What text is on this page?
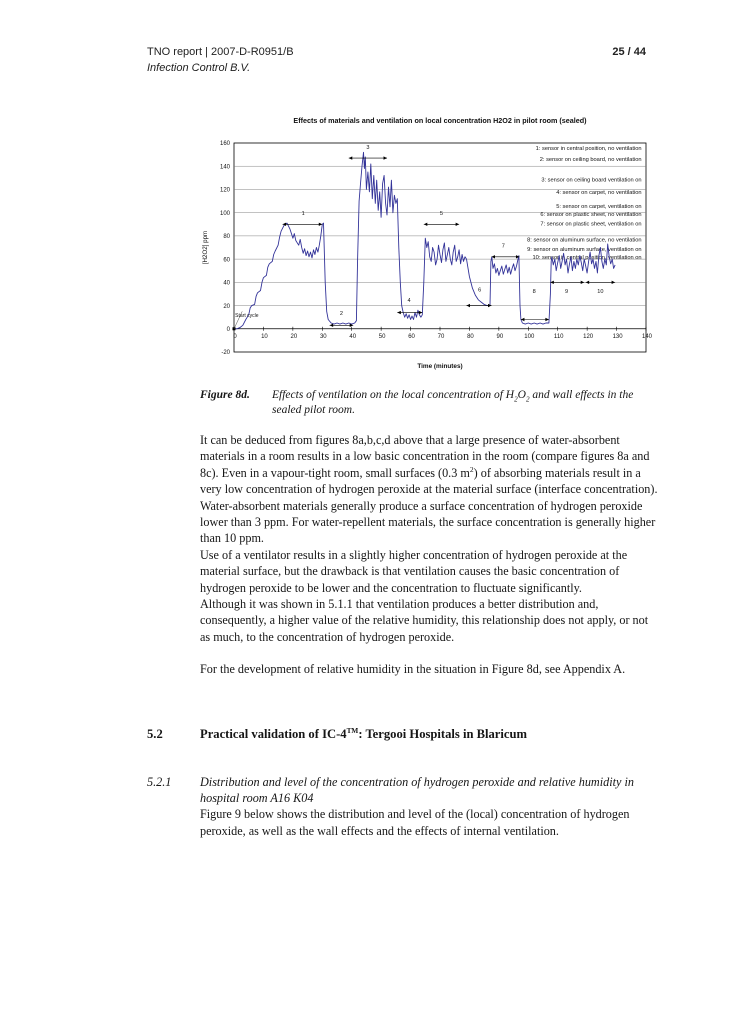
TNO report | 2007-D-R0951/B	25 / 44
Infection Control B.V.
Effects of materials and ventilation on local concentration H2O2 in pilot room (sealed)
-20
0
20
40
60
80
100
120
140
160
0	10	20	30	40	50	60	70	80	90	100	110	120	130	140
Time (minutes)
[H2O2] ppm
1: sensor in central position, no ventilation
2: sensor on ceiling board, no ventilation
3: sensor on ceiling board ventilation on
4: sensor on carpet, no ventilation
5: sensor on carpet, ventilation on
6: sensor on plastic sheet, no ventilation
7: sensor on plastic sheet, ventilation on
8: sensor on aluminum surface, no ventilation
9: sensor on aluminum surface, ventilation on
10: sensor in central position, ventilation on
Start cycle
1
2
3
4
5
6
7
8	9	10
Figure 8d.	Effects of ventilation on the local concentration of $H_2O_2$ and wall effects in the sealed pilot room.

It can be deduced from figures 8a,b,c,d above that a large presence of water-absorbent materials in a room results in a low basic concentration in the room (compare figures 8a and 8c). Even in a vapour-tight room, small surfaces (0.3 $m^2$) of absorbing materials result in a very low concentration of hydrogen peroxide at the material surface (interface concentration). Water-absorbent materials generally produce a surface concentration of hydrogen peroxide lower than 3 ppm. For water-repellent materials, the surface concentration is generally higher than 10 ppm.

Use of a ventilator results in a slightly higher concentration of hydrogen peroxide at the material surface, but the drawback is that ventilation causes the basic concentration of hydrogen peroxide to be lower and the concentration to fluctuate significantly.

Although it was shown in 5.1.1 that ventilation produces a better distribution and, consequently, a higher value of the relative humidity, this relationship does not apply, or not as much, to the concentration of hydrogen peroxide.

For the development of relative humidity in the situation in Figure 8d, see Appendix A.

5.2	Practical validation of IC-4™: Tergooi Hospitals in Blaricum
5.2.1	Distribution and level of the concentration of hydrogen peroxide and relative humidity in hospital room A16 K04
Figure 9 below shows the distribution and level of the (local) concentration of hydrogen peroxide, as well as the wall effects and the effects of internal ventilation.
